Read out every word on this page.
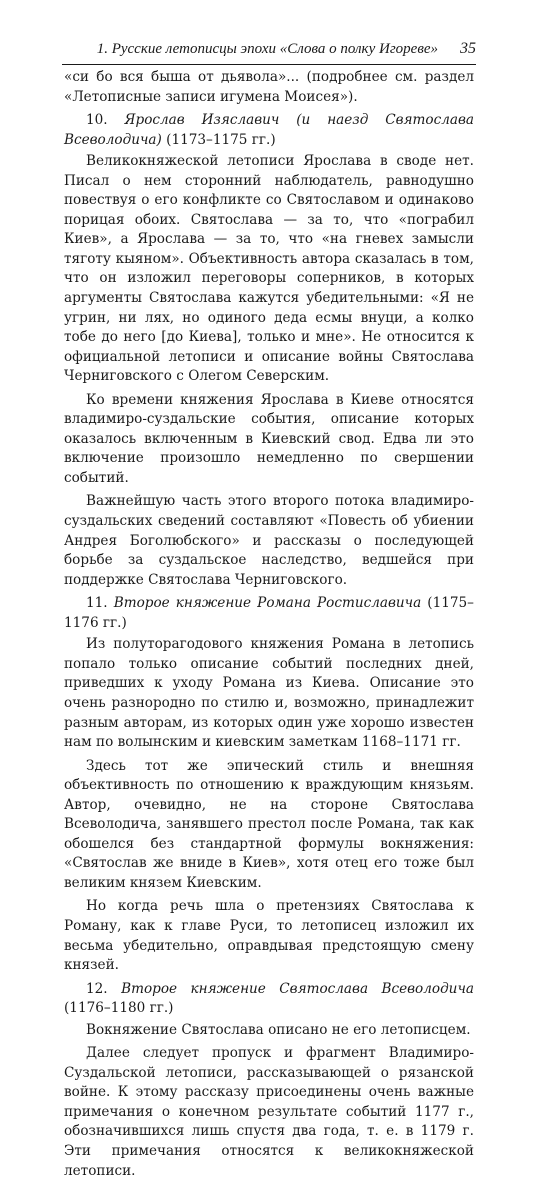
1. Русские летописцы эпохи «Слова о полку Игореве» 35

«си бо вся быша от дьявола»... (подробнее см. раздел «Летописные записи игумена Моисея»).

10. Ярослав Изяславич (и наезд Святослава Всеволодича) (1173–1175 гг.)

Великокняжеской летописи Ярослава в своде нет. Писал о нем сторонний наблюдатель, равнодушно повествуя о его конфликте со Святославом и одинаково порицая обоих. Святослава — за то, что «пограбил Киев», а Ярослава — за то, что «на гневех замысли тяготу кыяном». Объективность автора сказалась в том, что он изложил переговоры соперников, в которых аргументы Святослава кажутся убедительными: «Я не угрин, ни лях, но одиного деда есмы внуци, а колко тобе до него [до Киева], только и мне». Не относится к официальной летописи и описание войны Святослава Черниговского с Олегом Северским.

Ко времени княжения Ярослава в Киеве относятся владимиро-суздальские события, описание которых оказалось включенным в Киевский свод. Едва ли это включение произошло немедленно по свершении событий.

Важнейшую часть этого второго потока владимиро-суздальских сведений составляют «Повесть об убиении Андрея Боголюбского» и рассказы о последующей борьбе за суздальское наследство, ведшейся при поддержке Святослава Черниговского.

11. Второе княжение Романа Ростиславича (1175–1176 гг.)

Из полуторагодового княжения Романа в летопись попало только описание событий последних дней, приведших к уходу Романа из Киева. Описание это очень разнородно по стилю и, возможно, принадлежит разным авторам, из которых один уже хорошо известен нам по волынским и киевским заметкам 1168–1171 гг.

Здесь тот же эпический стиль и внешняя объективность по отношению к враждующим князьям. Автор, очевидно, не на стороне Святослава Всеволодича, занявшего престол после Романа, так как обошелся без стандартной формулы вокняжения: «Святослав же вниде в Киев», хотя отец его тоже был великим князем Киевским.

Но когда речь шла о претензиях Святослава к Роману, как к главе Руси, то летописец изложил их весьма убедительно, оправдывая предстоящую смену князей.

12. Второе княжение Святослава Всеволодича (1176–1180 гг.)

Вокняжение Святослава описано не его летописцем.

Далее следует пропуск и фрагмент Владимиро-Суздальской летописи, рассказывающей о рязанской войне. К этому рассказу присоединены очень важные примечания о конечном результате событий 1177 г., обозначившихся лишь спустя два года, т. е. в 1179 г. Эти примечания относятся к великокняжеской летописи.
